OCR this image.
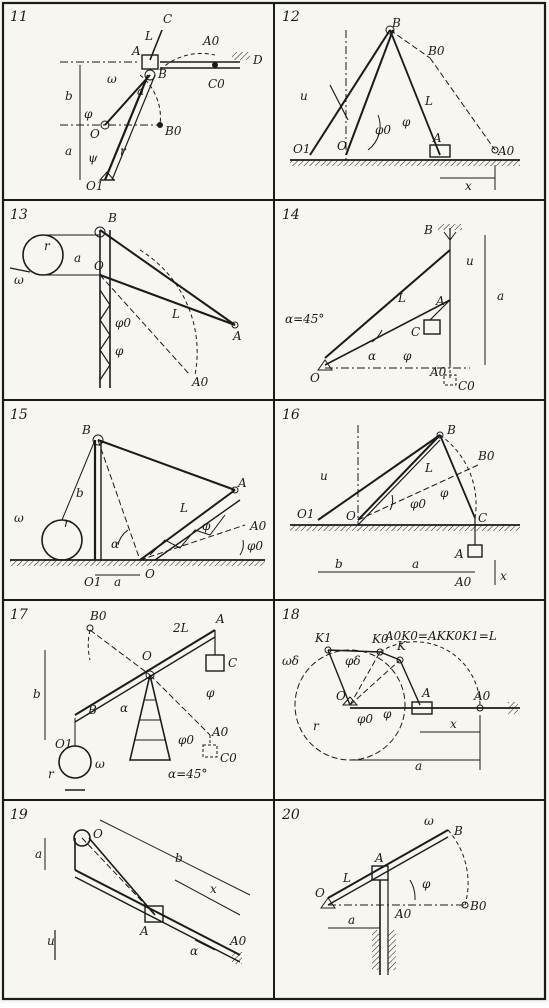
11	12
13	14
15	16
17	18
19	20
C
L
A
A0
D
C0
B
a
ω
b
φ
B0
O
a ψ r
O1
B
B0
u	L
φ
φ0
O1 O
A
A0
x
B
r
a
ω
O
φ0
L
A
φ
A0
B
u
a
L	A
C
α=45°
O
α φ
A0
C0
B
b
r
ω
α
L
A
φ	A0
φ0
O1 a
O
B
L
u
B0
φ
φ0
O1	O	C
A
A0
b	a
x
B0
2L
A
O	C
b	φ
B α
A0
φ0
C0
O1
ω
r	α=45°
A0K0=AKK0K1=L
K1	K0 K
ωδ	φδ
A	A0
O
φ0 φ
r	x
a
O
b
a
x
u
A
α
A0
ω
B
A
φ
O
L
A0
B0
a
